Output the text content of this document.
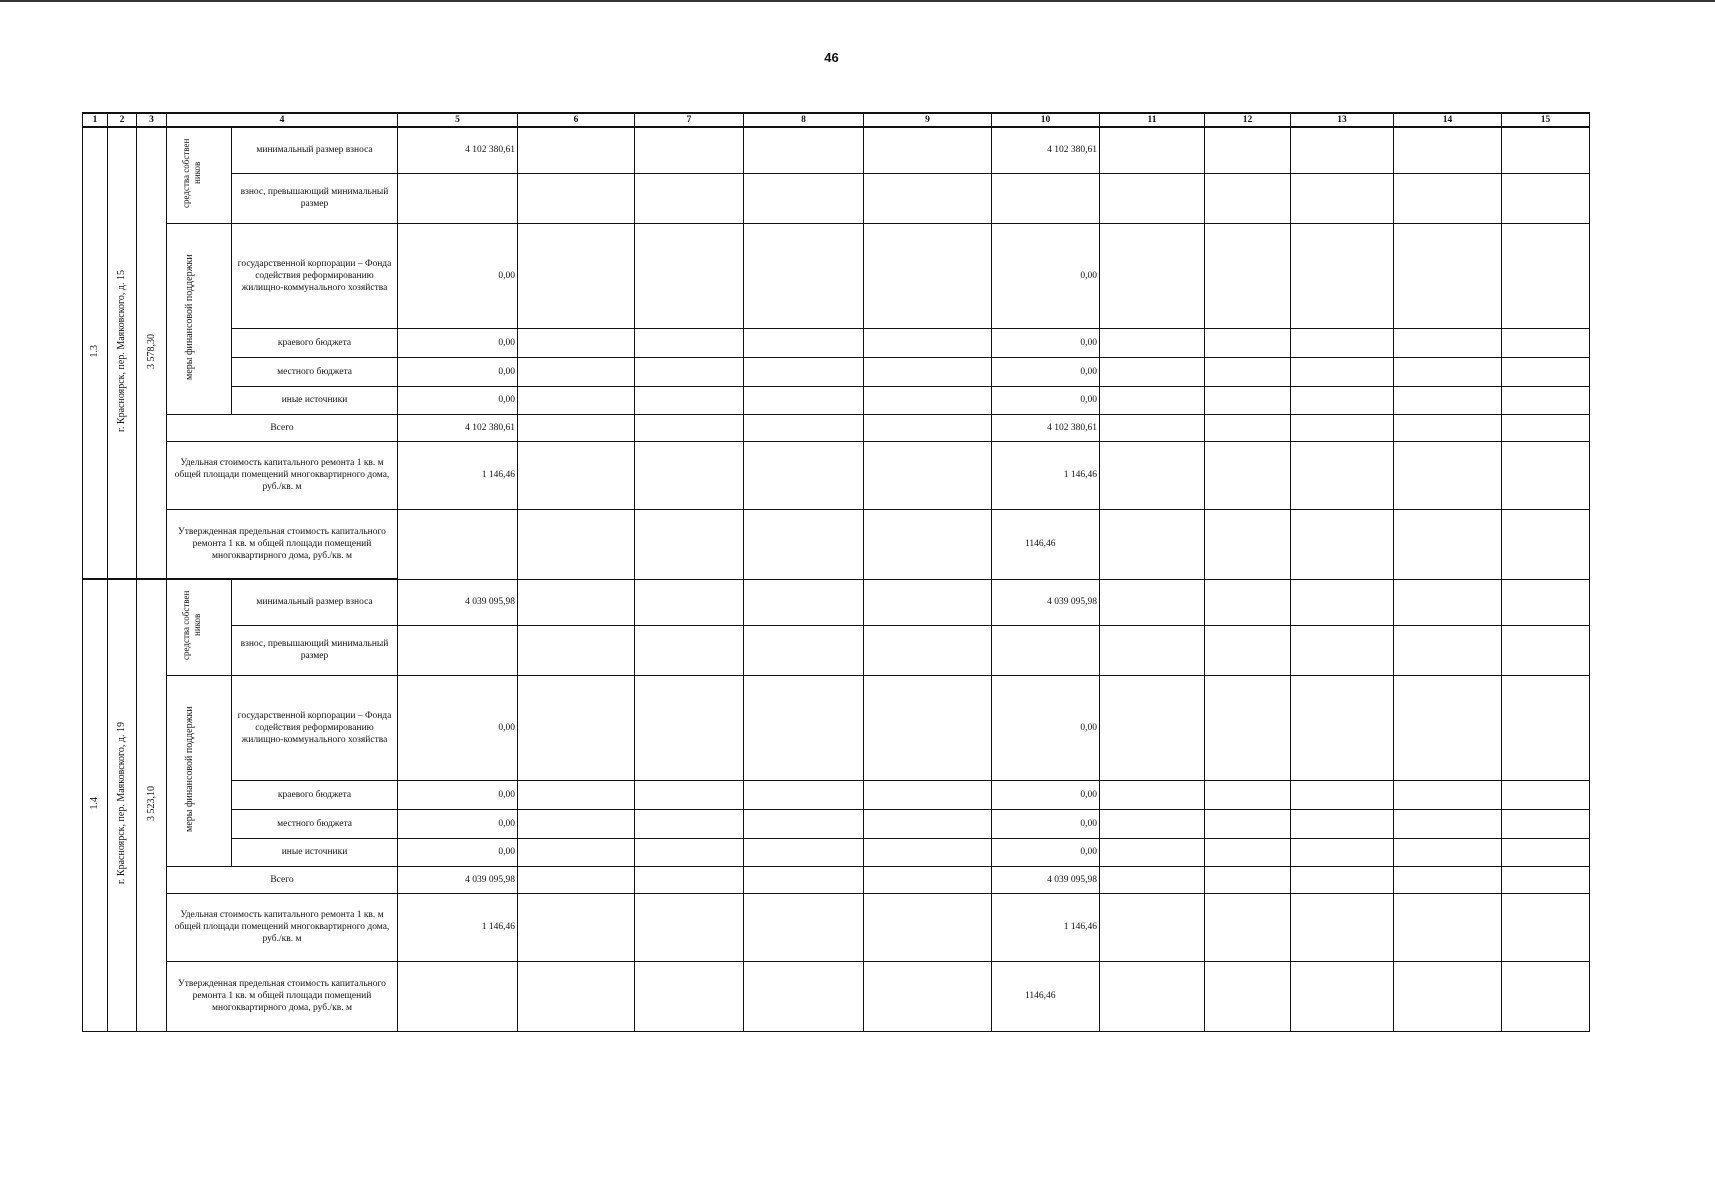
46
1	2	3	4		5	6	7	8	9	10	11	12	13	14	15
1.3	г. Красноярск, пер. Маяковского, д. 15	3 578,30	средства собствен ников	минимальный размер взноса	4 102 380,61					4 102 380,61					
				взнос, превышающий минимальный размер											
			меры финансовой поддержки	государственной корпорации – Фонда содействия реформированию жилищно-коммунального хозяйства	0,00					0,00					
				краевого бюджета	0,00					0,00					
				местного бюджета	0,00					0,00					
				иные источники	0,00					0,00					
			Всего		4 102 380,61					4 102 380,61					
			Удельная стоимость капитального ремонта 1 кв. м общей площади помещений многоквартирного дома, руб./кв. м		1 146,46					1 146,46					
			Утвержденная предельная стоимость капитального ремонта 1 кв. м общей площади помещений многоквартирного дома, руб./кв. м							1146,46					
1.4	г. Красноярск, пер. Маяковского, д. 19	3 523,10	средства собствен ников	минимальный размер взноса	4 039 095,98					4 039 095,98					
				взнос, превышающий минимальный размер											
			меры финансовой поддержки	государственной корпорации – Фонда содействия реформированию жилищно-коммунального хозяйства	0,00					0,00					
				краевого бюджета	0,00					0,00					
				местного бюджета	0,00					0,00					
				иные источники	0,00					0,00					
			Всего		4 039 095,98					4 039 095,98					
			Удельная стоимость капитального ремонта 1 кв. м общей площади помещений многоквартирного дома, руб./кв. м		1 146,46					1 146,46					
			Утвержденная предельная стоимость капитального ремонта 1 кв. м общей площади помещений многоквартирного дома, руб./кв. м							1146,46					
